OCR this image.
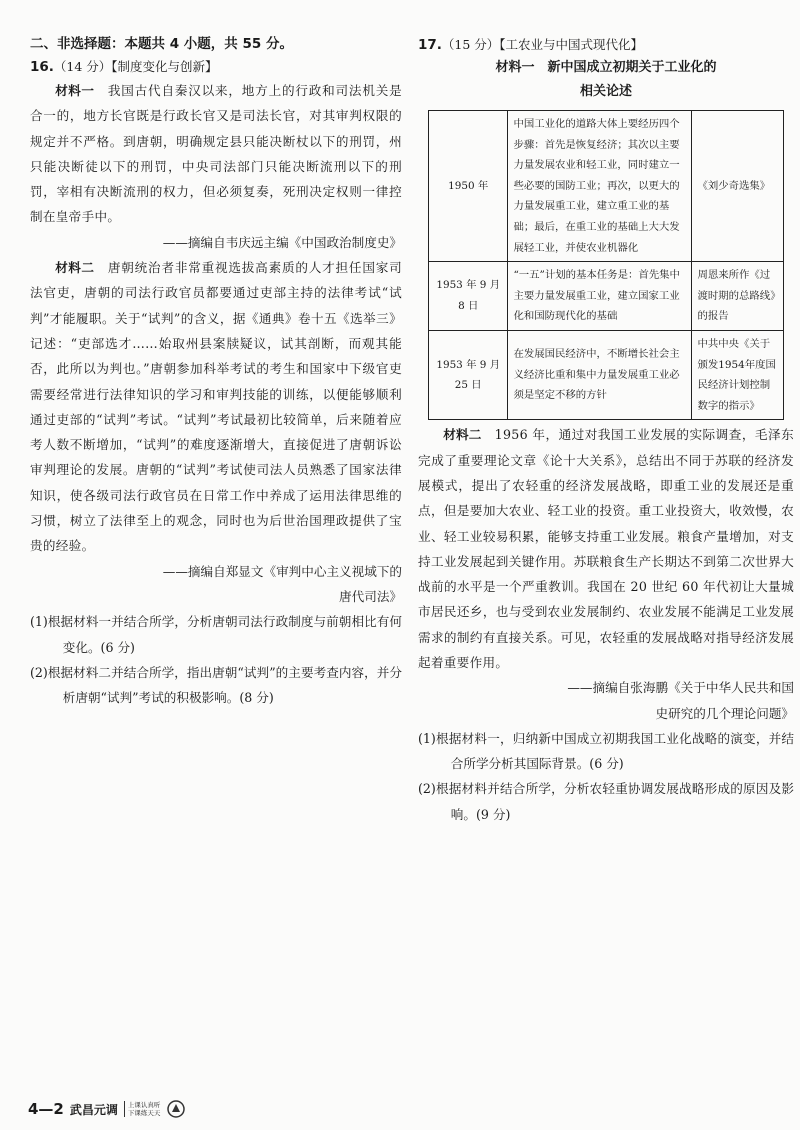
二、非选择题：本题共 4 小题，共 55 分。
16.（14 分）【制度变化与创新】

材料一　 我国古代自秦汉以来，地方上的行政和司法机关是合一的，地方长官既是行政长官又是司法长官，对其审判权限的规定并不严格。到唐朝，明确规定县只能决断杖以下的刑罚，州只能决断徒以下的刑罚，中央司法部门只能决断流刑以下的刑罚，宰相有决断流刑的权力，但必须复奏，死刑决定权则一律控制在皇帝手中。

——摘编自韦庆远主编《中国政治制度史》

材料二　 唐朝统治者非常重视选拔高素质的人才担任国家司法官吏，唐朝的司法行政官员都要通过吏部主持的法律考试“试判”才能履职。关于“试判”的含义，据《通典》卷十五《选举三》记述：“吏部选才……始取州县案牍疑议，试其剖断，而观其能否，此所以为判也。”唐朝参加科举考试的考生和国家中下级官吏需要经常进行法律知识的学习和审判技能的训练，以便能够顺利通过吏部的“试判”考试。“试判”考试最初比较简单，后来随着应考人数不断增加，“试判”的难度逐渐增大，直接促进了唐朝诉讼审判理论的发展。唐朝的“试判”考试使司法人员熟悉了国家法律知识，使各级司法行政官员在日常工作中养成了运用法律思维的习惯，树立了法律至上的观念，同时也为后世治国理政提供了宝贵的经验。

——摘编自郑显文《审判中心主义视域下的

唐代司法》

(1)根据材料一并结合所学，分析唐朝司法行政制度与前朝相比有何变化。(6 分)

(2)根据材料二并结合所学，指出唐朝“试判”的主要考查内容，并分析唐朝“试判”考试的积极影响。(8 分)

17.（15 分）【工农业与中国式现代化】

材料一　 新中国成立初期关于工业化的

相关论述

1950 年	中国工业化的道路大体上要经历四个步骤：首先是恢复经济；其次以主要力量发展农业和轻工业，同时建立一些必要的国防工业；再次，以更大的力量发展重工业，建立重工业的基础；最后，在重工业的基础上大大发展轻工业，并使农业机器化	《刘少奇选集》
1953 年 9 月 8 日	“一五”计划的基本任务是：首先集中主要力量发展重工业，建立国家工业化和国防现代化的基础	周恩来所作《过渡时期的总路线》的报告
1953 年 9 月 25 日	在发展国民经济中，不断增长社会主义经济比重和集中力量发展重工业必须是坚定不移的方针	中共中央《关于颁发1954年度国民经济计划控制数字的指示》

材料二　 1956 年，通过对我国工业发展的实际调查，毛泽东完成了重要理论文章《论十大关系》，总结出不同于苏联的经济发展模式，提出了农轻重的经济发展战略，即重工业的发展还是重点，但是要加大农业、轻工业的投资。重工业投资大，收效慢，农业、轻工业较易积累，能够支持重工业发展。粮食产量增加，对支持工业发展起到关键作用。苏联粮食生产长期达不到第二次世界大战前的水平是一个严重教训。我国在 20 世纪 60 年代初让大量城市居民还乡，也与受到农业发展制约、农业发展不能满足工业发展需求的制约有直接关系。可见，农轻重的发展战略对指导经济发展起着重要作用。

——摘编自张海鹏《关于中华人民共和国

史研究的几个理论问题》

(1)根据材料一，归纳新中国成立初期我国工业化战略的演变，并结合所学分析其国际背景。(6 分)

(2)根据材料并结合所学，分析农轻重协调发展战略形成的原因及影响。(9 分)

4—2 武昌元调 上课认真听
下课练天天
